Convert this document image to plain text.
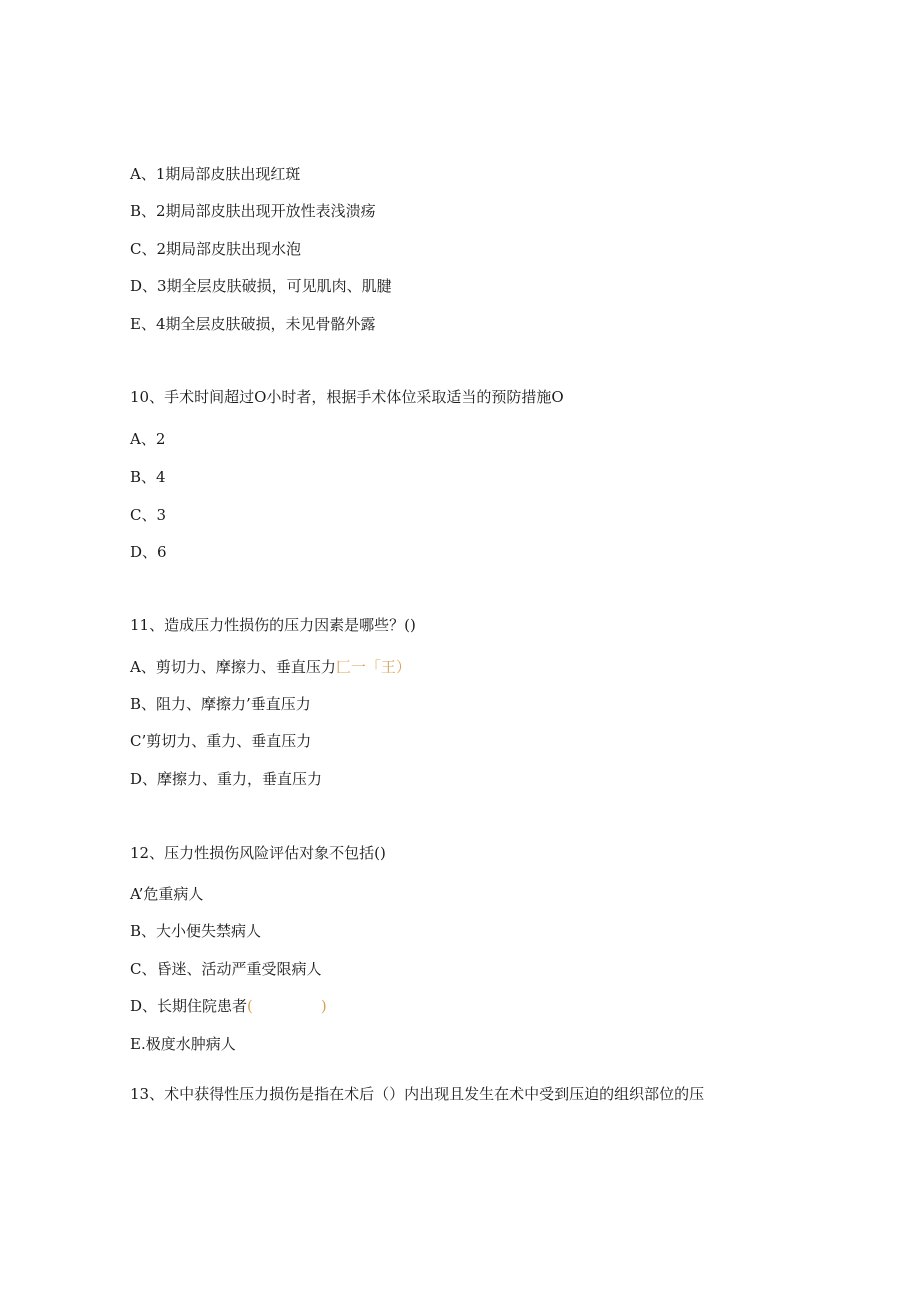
A、1期局部皮肤出现红斑
B、2期局部皮肤出现开放性表浅溃疡
C、2期局部皮肤出现水泡
D、3期全层皮肤破损，可见肌肉、肌腱
E、4期全层皮肤破损，未见骨骼外露
10、手术时间超过O小时者，根据手术体位采取适当的预防措施O
A、2
B、4
C、3
D、6
11、造成压力性损伤的压力因素是哪些？()
A、剪切力、摩擦力、垂直压力匚一「王）
B、阻力、摩擦力’垂直压力
C’剪切力、重力、垂直压力
D、摩擦力、重力，垂直压力
12、压力性损伤风险评估对象不包括()
A’危重病人
B、大小便失禁病人
C、昏迷、活动严重受限病人
D、长期住院患者(	)
E.极度水肿病人
13、术中获得性压力损伤是指在术后（）内出现且发生在术中受到压迫的组织部位的压
